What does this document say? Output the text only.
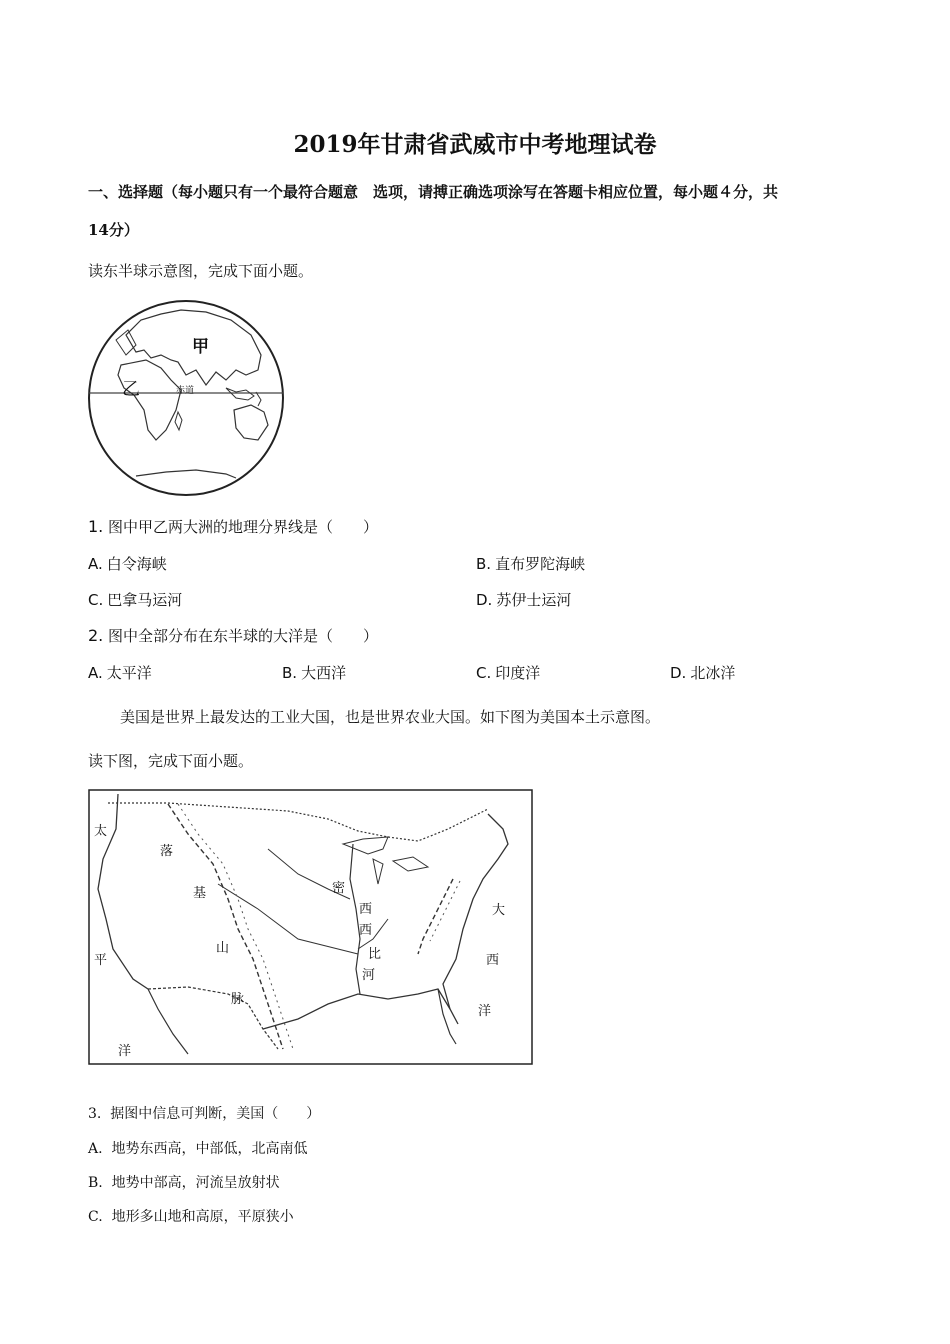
2019年甘肃省武威市中考地理试卷
一、选择题（每小题只有一个最符合题意　选项，请搏正确选项涂写在答题卡相应位置，每小题４分，共
14分）
读东半球示意图，完成下面小题。
甲
乙	赤道
1. 图中甲乙两大洲的地理分界线是（　　）
A. 白令海峡	B. 直布罗陀海峡
C. 巴拿马运河	D. 苏伊士运河
2. 图中全部分布在东半球的大洋是（　　）
A. 太平洋	B. 大西洋	C. 印度洋	D. 北冰洋
美国是世界上最发达的工业大国，也是世界农业大国。如下图为美国本土示意图。
读下图，完成下面小题。
太
平
洋
落
基
山
脉
密
西
西
比
河
大
西
洋
3. 据图中信息可判断，美国（　　）
A. 地势东西高，中部低，北高南低
B. 地势中部高，河流呈放射状
C. 地形多山地和高原，平原狭小
